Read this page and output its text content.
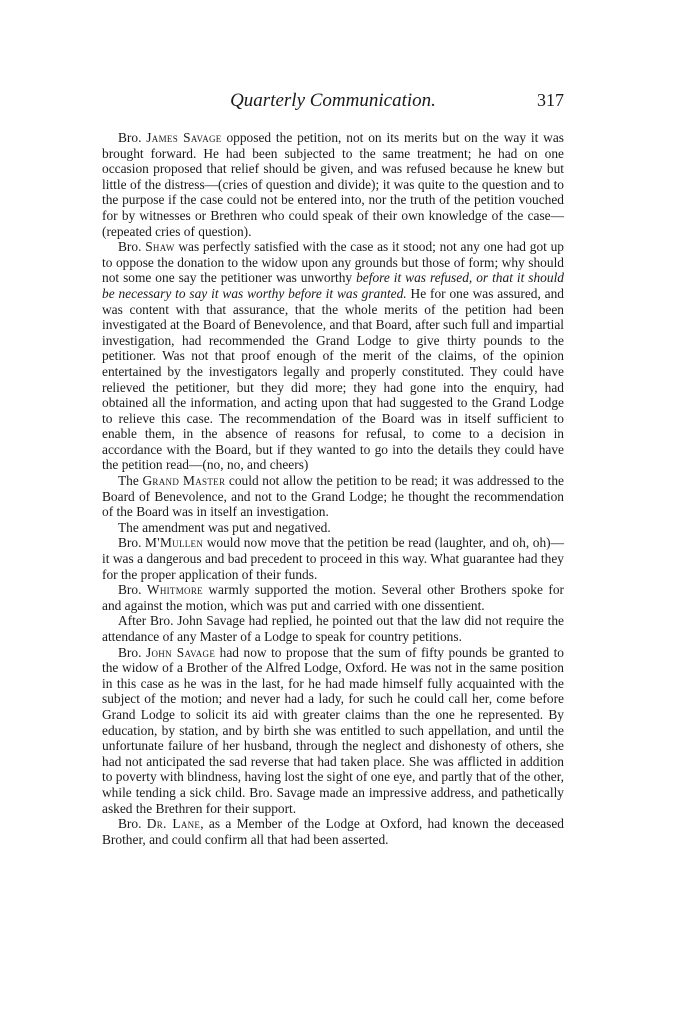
Quarterly Communication.	317

Bro. James Savage opposed the petition, not on its merits but on the way it was brought forward. He had been subjected to the same treatment; he had on one occasion proposed that relief should be given, and was refused because he knew but little of the distress—(cries of question and divide); it was quite to the question and to the purpose if the case could not be entered into, nor the truth of the petition vouched for by witnesses or Brethren who could speak of their own knowledge of the case—(repeated cries of question).

Bro. Shaw was perfectly satisfied with the case as it stood; not any one had got up to oppose the donation to the widow upon any grounds but those of form; why should not some one say the petitioner was unworthy before it was refused, or that it should be necessary to say it was worthy before it was granted. He for one was assured, and was content with that assurance, that the whole merits of the petition had been investigated at the Board of Benevolence, and that Board, after such full and impartial investigation, had recommended the Grand Lodge to give thirty pounds to the petitioner. Was not that proof enough of the merit of the claims, of the opinion entertained by the investigators legally and properly constituted. They could have relieved the petitioner, but they did more; they had gone into the enquiry, had obtained all the information, and acting upon that had suggested to the Grand Lodge to relieve this case. The recommendation of the Board was in itself sufficient to enable them, in the absence of reasons for refusal, to come to a decision in accordance with the Board, but if they wanted to go into the details they could have the petition read—(no, no, and cheers)

The Grand Master could not allow the petition to be read; it was addressed to the Board of Benevolence, and not to the Grand Lodge; he thought the recommendation of the Board was in itself an investigation.

The amendment was put and negatived.

Bro. M'Mullen would now move that the petition be read (laughter, and oh, oh)—it was a dangerous and bad precedent to proceed in this way. What guarantee had they for the proper application of their funds.

Bro. Whitmore warmly supported the motion. Several other Brothers spoke for and against the motion, which was put and carried with one dissentient.

After Bro. John Savage had replied, he pointed out that the law did not require the attendance of any Master of a Lodge to speak for country petitions.

Bro. John Savage had now to propose that the sum of fifty pounds be granted to the widow of a Brother of the Alfred Lodge, Oxford. He was not in the same position in this case as he was in the last, for he had made himself fully acquainted with the subject of the motion; and never had a lady, for such he could call her, come before Grand Lodge to solicit its aid with greater claims than the one he represented. By education, by station, and by birth she was entitled to such appellation, and until the unfortunate failure of her husband, through the neglect and dishonesty of others, she had not anticipated the sad reverse that had taken place. She was afflicted in addition to poverty with blindness, having lost the sight of one eye, and partly that of the other, while tending a sick child. Bro. Savage made an impressive address, and pathetically asked the Brethren for their support.

Bro. Dr. Lane, as a Member of the Lodge at Oxford, had known the deceased Brother, and could confirm all that had been asserted.
